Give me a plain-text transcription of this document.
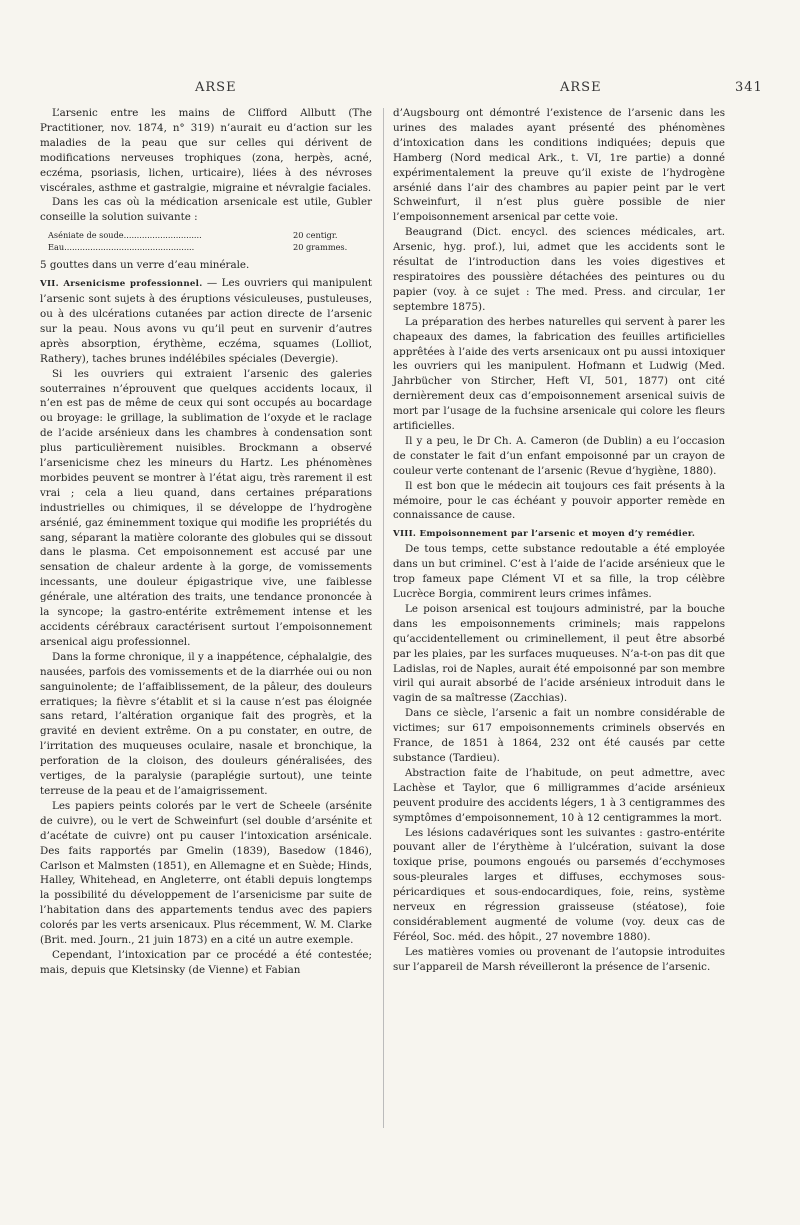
ARSE	ARSE	341

L’arsenic entre les mains de Clifford Allbutt (The Practitioner, nov. 1874, n° 319) n’aurait eu d’action sur les maladies de la peau que sur celles qui dérivent de modifications nerveuses trophiques (zona, herpès, acné, eczéma, psoriasis, lichen, urticaire), liées à des névroses viscérales, asthme et gastralgie, migraine et névralgie faciales.

Dans les cas où la médication arsenicale est utile, Gubler conseille la solution suivante :

Aséniate de soude..............................	20 centigr.
Eau..................................................	20 grammes.

5 gouttes dans un verre d’eau minérale.

VII. Arsenicisme professionnel. — Les ouvriers qui manipulent l’arsenic sont sujets à des éruptions vésiculeuses, pustuleuses, ou à des ulcérations cutanées par action directe de l’arsenic sur la peau. Nous avons vu qu’il peut en survenir d’autres après absorption, érythème, eczéma, squames (Lolliot, Rathery), taches brunes indélébiles spéciales (Devergie).

Si les ouvriers qui extraient l’arsenic des galeries souterraines n’éprouvent que quelques accidents locaux, il n’en est pas de même de ceux qui sont occupés au bocardage ou broyage: le grillage, la sublimation de l’oxyde et le raclage de l’acide arsénieux dans les chambres à condensation sont plus particulièrement nuisibles. Brockmann a observé l’arsenicisme chez les mineurs du Hartz. Les phénomènes morbides peuvent se montrer à l’état aigu, très rarement il est vrai ; cela a lieu quand, dans certaines préparations industrielles ou chimiques, il se développe de l’hydrogène arsénié, gaz éminemment toxique qui modifie les propriétés du sang, séparant la matière colorante des globules qui se dissout dans le plasma. Cet empoisonnement est accusé par une sensation de chaleur ardente à la gorge, de vomissements incessants, une douleur épigastrique vive, une faiblesse générale, une altération des traits, une tendance prononcée à la syncope; la gastro-entérite extrêmement intense et les accidents cérébraux caractérisent surtout l’empoisonnement arsenical aigu professionnel.

Dans la forme chronique, il y a inappétence, céphalalgie, des nausées, parfois des vomissements et de la diarrhée oui ou non sanguinolente; de l’affaiblissement, de la pâleur, des douleurs erratiques; la fièvre s’établit et si la cause n’est pas éloignée sans retard, l’altération organique fait des progrès, et la gravité en devient extrême. On a pu constater, en outre, de l’irritation des muqueuses oculaire, nasale et bronchique, la perforation de la cloison, des douleurs généralisées, des vertiges, de la paralysie (paraplégie surtout), une teinte terreuse de la peau et de l’amaigrissement.

Les papiers peints colorés par le vert de Scheele (arsénite de cuivre), ou le vert de Schweinfurt (sel double d’arsénite et d’acétate de cuivre) ont pu causer l’intoxication arsénicale. Des faits rapportés par Gmelin (1839), Basedow (1846), Carlson et Malmsten (1851), en Allemagne et en Suède; Hinds, Halley, Whitehead, en Angleterre, ont établi depuis longtemps la possibilité du développement de l’arsenicisme par suite de l’habitation dans des appartements tendus avec des papiers colorés par les verts arsenicaux. Plus récemment, W. M. Clarke (Brit. med. Journ., 21 juin 1873) en a cité un autre exemple.

Cependant, l’intoxication par ce procédé a été contestée; mais, depuis que Kletsinsky (de Vienne) et Fabian

d’Augsbourg ont démontré l’existence de l’arsenic dans les urines des malades ayant présenté des phénomènes d’intoxication dans les conditions indiquées; depuis que Hamberg (Nord medical Ark., t. VI, 1re partie) a donné expérimentalement la preuve qu’il existe de l’hydrogène arsénié dans l’air des chambres au papier peint par le vert Schweinfurt, il n’est plus guère possible de nier l’empoisonnement arsenical par cette voie.

Beaugrand (Dict. encycl. des sciences médicales, art. Arsenic, hyg. prof.), lui, admet que les accidents sont le résultat de l’introduction dans les voies digestives et respiratoires des poussière détachées des peintures ou du papier (voy. à ce sujet : The med. Press. and circular, 1er septembre 1875).

La préparation des herbes naturelles qui servent à parer les chapeaux des dames, la fabrication des feuilles artificielles apprêtées à l’aide des verts arsenicaux ont pu aussi intoxiquer les ouvriers qui les manipulent. Hofmann et Ludwig (Med. Jahrbücher von Stircher, Heft VI, 501, 1877) ont cité dernièrement deux cas d’empoisonnement arsenical suivis de mort par l’usage de la fuchsine arsenicale qui colore les fleurs artificielles.

Il y a peu, le Dr Ch. A. Cameron (de Dublin) a eu l’occasion de constater le fait d’un enfant empoisonné par un crayon de couleur verte contenant de l’arsenic (Revue d’hygiène, 1880).

Il est bon que le médecin ait toujours ces fait présents à la mémoire, pour le cas échéant y pouvoir apporter remède en connaissance de cause.

VIII. Empoisonnement par l’arsenic et moyen d’y remédier.

De tous temps, cette substance redoutable a été employée dans un but criminel. C’est à l’aide de l’acide arsénieux que le trop fameux pape Clément VI et sa fille, la trop célèbre Lucrèce Borgia, commirent leurs crimes infâmes.

Le poison arsenical est toujours administré, par la bouche dans les empoisonnements criminels; mais rappelons qu’accidentellement ou criminellement, il peut être absorbé par les plaies, par les surfaces muqueuses. N’a-t-on pas dit que Ladislas, roi de Naples, aurait été empoisonné par son membre viril qui aurait absorbé de l’acide arsénieux introduit dans le vagin de sa maîtresse (Zacchias).

Dans ce siècle, l’arsenic a fait un nombre considérable de victimes; sur 617 empoisonnements criminels observés en France, de 1851 à 1864, 232 ont été causés par cette substance (Tardieu).

Abstraction faite de l’habitude, on peut admettre, avec Lachèse et Taylor, que 6 milligrammes d’acide arsénieux peuvent produire des accidents légers, 1 à 3 centigrammes des symptômes d’empoisonnement, 10 à 12 centigrammes la mort.

Les lésions cadavériques sont les suivantes : gastro-entérite pouvant aller de l’érythème à l’ulcération, suivant la dose toxique prise, poumons engoués ou parsemés d’ecchymoses sous-pleurales larges et diffuses, ecchymoses sous-péricardiques et sous-endocardiques, foie, reins, système nerveux en régression graisseuse (stéatose), foie considérablement augmenté de volume (voy. deux cas de Féréol, Soc. méd. des hôpit., 27 novembre 1880).

Les matières vomies ou provenant de l’autopsie introduites sur l’appareil de Marsh réveilleront la présence de l’arsenic.
